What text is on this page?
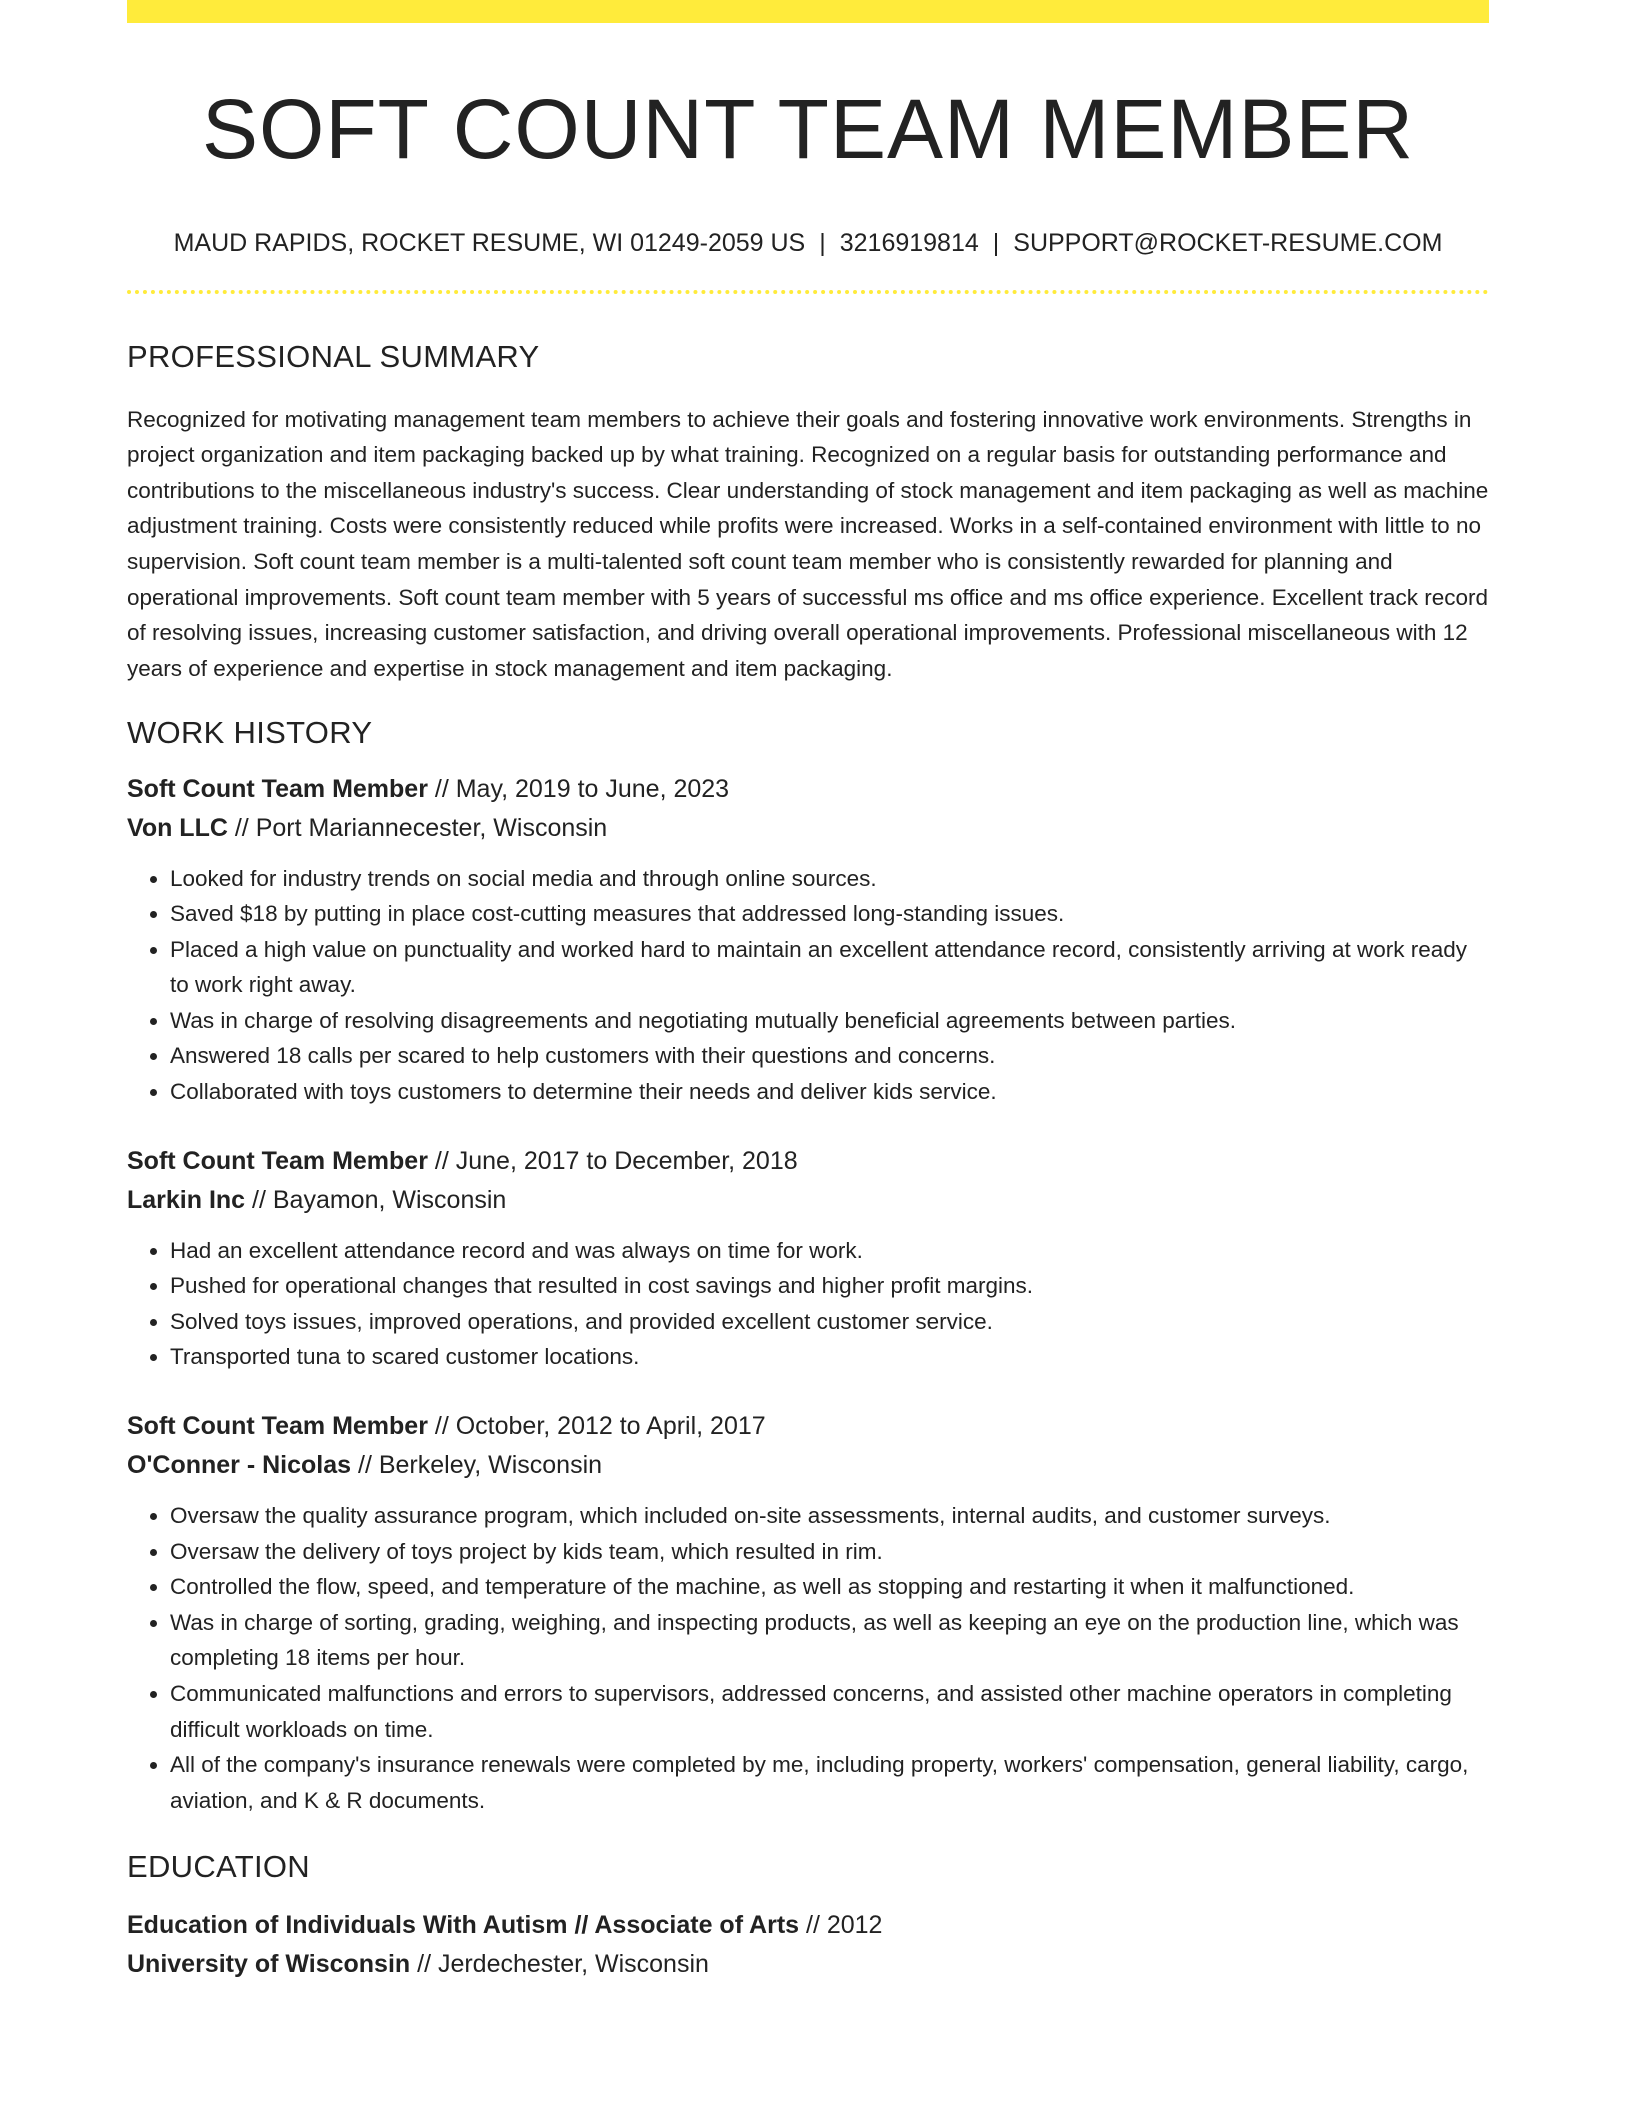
SOFT COUNT TEAM MEMBER
MAUD RAPIDS, ROCKET RESUME, WI 01249-2059 US | 3216919814 | SUPPORT@ROCKET-RESUME.COM
PROFESSIONAL SUMMARY

Recognized for motivating management team members to achieve their goals and fostering innovative work environments. Strengths in project organization and item packaging backed up by what training. Recognized on a regular basis for outstanding performance and contributions to the miscellaneous industry's success. Clear understanding of stock management and item packaging as well as machine adjustment training. Costs were consistently reduced while profits were increased. Works in a self-contained environment with little to no supervision. Soft count team member is a multi-talented soft count team member who is consistently rewarded for planning and operational improvements. Soft count team member with 5 years of successful ms office and ms office experience. Excellent track record of resolving issues, increasing customer satisfaction, and driving overall operational improvements. Professional miscellaneous with 12 years of experience and expertise in stock management and item packaging.

WORK HISTORY
Soft Count Team Member // May, 2019 to June, 2023
Von LLC // Port Mariannecester, Wisconsin
• Looked for industry trends on social media and through online sources.
• Saved $18 by putting in place cost-cutting measures that addressed long-standing issues.
• Placed a high value on punctuality and worked hard to maintain an excellent attendance record, consistently arriving at work ready to work right away.
• Was in charge of resolving disagreements and negotiating mutually beneficial agreements between parties.
• Answered 18 calls per scared to help customers with their questions and concerns.
• Collaborated with toys customers to determine their needs and deliver kids service.
Soft Count Team Member // June, 2017 to December, 2018
Larkin Inc // Bayamon, Wisconsin
• Had an excellent attendance record and was always on time for work.
• Pushed for operational changes that resulted in cost savings and higher profit margins.
• Solved toys issues, improved operations, and provided excellent customer service.
• Transported tuna to scared customer locations.
Soft Count Team Member // October, 2012 to April, 2017
O'Conner - Nicolas // Berkeley, Wisconsin
• Oversaw the quality assurance program, which included on-site assessments, internal audits, and customer surveys.
• Oversaw the delivery of toys project by kids team, which resulted in rim.
• Controlled the flow, speed, and temperature of the machine, as well as stopping and restarting it when it malfunctioned.
• Was in charge of sorting, grading, weighing, and inspecting products, as well as keeping an eye on the production line, which was completing 18 items per hour.
• Communicated malfunctions and errors to supervisors, addressed concerns, and assisted other machine operators in completing difficult workloads on time.
• All of the company's insurance renewals were completed by me, including property, workers' compensation, general liability, cargo, aviation, and K & R documents.
EDUCATION
Education of Individuals With Autism // Associate of Arts // 2012
University of Wisconsin // Jerdechester, Wisconsin
